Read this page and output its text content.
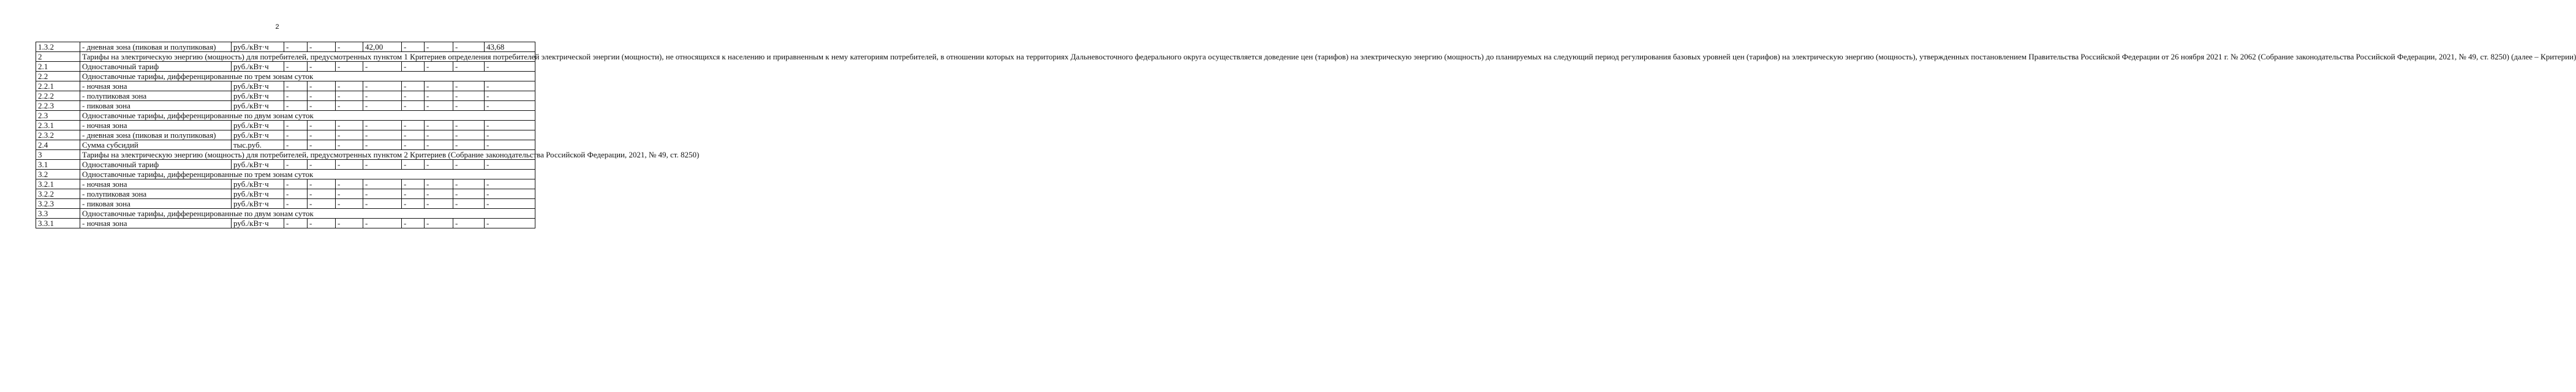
2
1.3.2	- дневная зона (пиковая и полупиковая)	руб./кВт·ч	-	-	-	42,00	-	-	-	43,68
2	Тарифы на электрическую энергию (мощность) для потребителей, предусмотренных пунктом 1 Критериев определения потребителей электрической энергии (мощности), не относящихся к населению и приравненным к нему категориям потребителей, в отношении которых на территориях Дальневосточного федерального округа осуществляется доведение цен (тарифов) на электрическую энергию (мощность) до планируемых на следующий период регулирования базовых уровней цен (тарифов) на электрическую энергию (мощность), утвержденных постановлением Правительства Российской Федерации от 26 ноября 2021 г. № 2062 (Собрание законодательства Российской Федерации, 2021, № 49, ст. 8250) (далее – Критерии)									
2.1	Одноставочный тариф	руб./кВт·ч	-	-	-	-	-	-	-	-
2.2	Одноставочные тарифы, дифференцированные по трем зонам суток									
2.2.1	- ночная зона	руб./кВт·ч	-	-	-	-	-	-	-	-
2.2.2	- полупиковая зона	руб./кВт·ч	-	-	-	-	-	-	-	-
2.2.3	- пиковая зона	руб./кВт·ч	-	-	-	-	-	-	-	-
2.3	Одноставочные тарифы, дифференцированные по двум зонам суток									
2.3.1	- ночная зона	руб./кВт·ч	-	-	-	-	-	-	-	-
2.3.2	- дневная зона (пиковая и полупиковая)	руб./кВт·ч	-	-	-	-	-	-	-	-
2.4	Сумма субсидий	тыс.руб.	-	-	-	-	-	-	-	-
3	Тарифы на электрическую энергию (мощность) для потребителей, предусмотренных пунктом 2 Критериев (Собрание законодательства Российской Федерации, 2021, № 49, ст. 8250)									
3.1	Одноставочный тариф	руб./кВт·ч	-	-	-	-	-	-	-	-
3.2	Одноставочные тарифы, дифференцированные по трем зонам суток									
3.2.1	- ночная зона	руб./кВт·ч	-	-	-	-	-	-	-	-
3.2.2	- полупиковая зона	руб./кВт·ч	-	-	-	-	-	-	-	-
3.2.3	- пиковая зона	руб./кВт·ч	-	-	-	-	-	-	-	-
3.3	Одноставочные тарифы, дифференцированные по двум зонам суток									
3.3.1	- ночная зона	руб./кВт·ч	-	-	-	-	-	-	-	-
